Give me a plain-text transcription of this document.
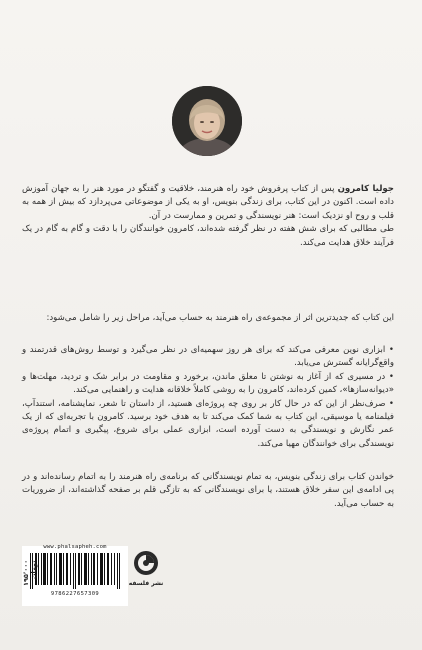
جولیا کامرون پس از کتاب پرفروش خود راه هنرمند، خلاقیت و گفتگو در مورد هنر را به جهان آموزش داده است. اکنون در این کتاب، برای زندگی بنویس، او به یکی از موضوعاتی می‌پردازد که بیش از همه به قلب و روح او نزدیک است: هنر نویسندگی و تمرین و ممارست در آن.

طی مطالبی که برای شش هفته در نظر گرفته شده‌اند، کامرون خوانندگان را با دقت و گام به گام در یک فرآیند خلاق هدایت می‌کند.

این کتاب که جدیدترین اثر از مجموعه‌ی راه هنرمند به حساب می‌آید، مراحل زیر را شامل می‌شود:

• ابزاری نوین معرفی می‌کند که برای هر روز سهمیه‌ای در نظر می‌گیرد و توسط روش‌های قدرتمند و واقع‌گرایانه گسترش می‌یابد.

• در مسیری که از آغاز به نوشتن تا معلق ماندن، برخورد و مقاومت در برابر شک و تردید، مهلت‌ها و «دیوانه‌سازها»، کمین کرده‌اند، کامرون را به روشی کاملاً خلاقانه هدایت و راهنمایی می‌کند.

• صرف‌نظر از این که در حال کار بر روی چه پروژه‌ای هستید، از داستان تا شعر، نمایشنامه، استندآپ، فیلمنامه یا موسیقی، این کتاب به شما کمک می‌کند تا به هدف خود برسید. کامرون با تجربه‌ای که از یک عمر نگارش و نویسندگی به دست آورده است، ابزاری عملی برای شروع، پیگیری و اتمام پروژه‌ی نویسندگی برای خوانندگان مهیا می‌کند.

خواندن کتاب برای زندگی بنویس، به تمام نویسندگانی که برنامه‌ی راه هنرمند را به اتمام رسانده‌اند و در پی ادامه‌ی این سفر خلاق هستند، یا برای نویسندگانی که به تازگی قلم بر صفحه گذاشته‌اند، از ضروریات به حساب می‌آید.

www.phalsapheh.com
9786227657309
۱۹۵٬۰۰۰ تومان
نشر فلسفه
